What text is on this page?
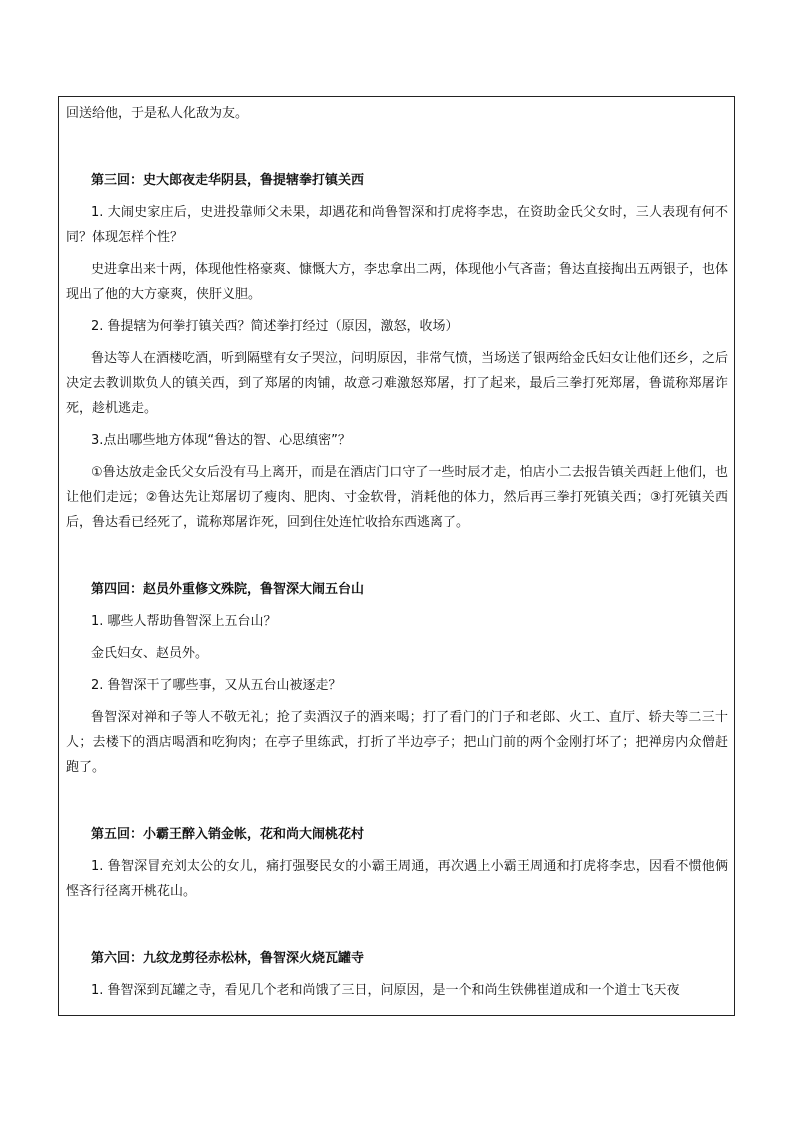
回送给他，于是私人化敌为友。

第三回：史大郎夜走华阴县，鲁提辖拳打镇关西

1. 大闹史家庄后，史进投靠师父未果，却遇花和尚鲁智深和打虎将李忠，在资助金氏父女时，三人表现有何不同？体现怎样个性？

史进拿出来十两，体现他性格豪爽、慷慨大方，李忠拿出二两，体现他小气吝啬；鲁达直接掏出五两银子，也体现出了他的大方豪爽，侠肝义胆。

2. 鲁提辖为何拳打镇关西？简述拳打经过（原因，激怒，收场）

鲁达等人在酒楼吃酒，听到隔壁有女子哭泣，问明原因，非常气愤，当场送了银两给金氏妇女让他们还乡，之后决定去教训欺负人的镇关西，到了郑屠的肉铺，故意刁难激怒郑屠，打了起来，最后三拳打死郑屠，鲁谎称郑屠诈死，趁机逃走。

3.点出哪些地方体现“鲁达的智、心思缜密”？

①鲁达放走金氏父女后没有马上离开，而是在酒店门口守了一些时辰才走，怕店小二去报告镇关西赶上他们，也让他们走远；②鲁达先让郑屠切了瘦肉、肥肉、寸金软骨，消耗他的体力，然后再三拳打死镇关西；③打死镇关西后，鲁达看已经死了，谎称郑屠诈死，回到住处连忙收拾东西逃离了。

第四回：赵员外重修文殊院，鲁智深大闹五台山

1. 哪些人帮助鲁智深上五台山？

金氏妇女、赵员外。

2. 鲁智深干了哪些事，又从五台山被逐走？

鲁智深对禅和子等人不敬无礼；抢了卖酒汉子的酒来喝；打了看门的门子和老郎、火工、直厅、轿夫等二三十人；去楼下的酒店喝酒和吃狗肉；在亭子里练武，打折了半边亭子；把山门前的两个金刚打坏了；把禅房内众僧赶跑了。

第五回：小霸王醉入销金帐，花和尚大闹桃花村

1. 鲁智深冒充刘太公的女儿，痛打强娶民女的小霸王周通，再次遇上小霸王周通和打虎将李忠，因看不惯他俩悭吝行径离开桃花山。

第六回：九纹龙剪径赤松林，鲁智深火烧瓦罐寺

1. 鲁智深到瓦罐之寺，看见几个老和尚饿了三日，问原因，是一个和尚生铁佛崔道成和一个道士飞天夜
